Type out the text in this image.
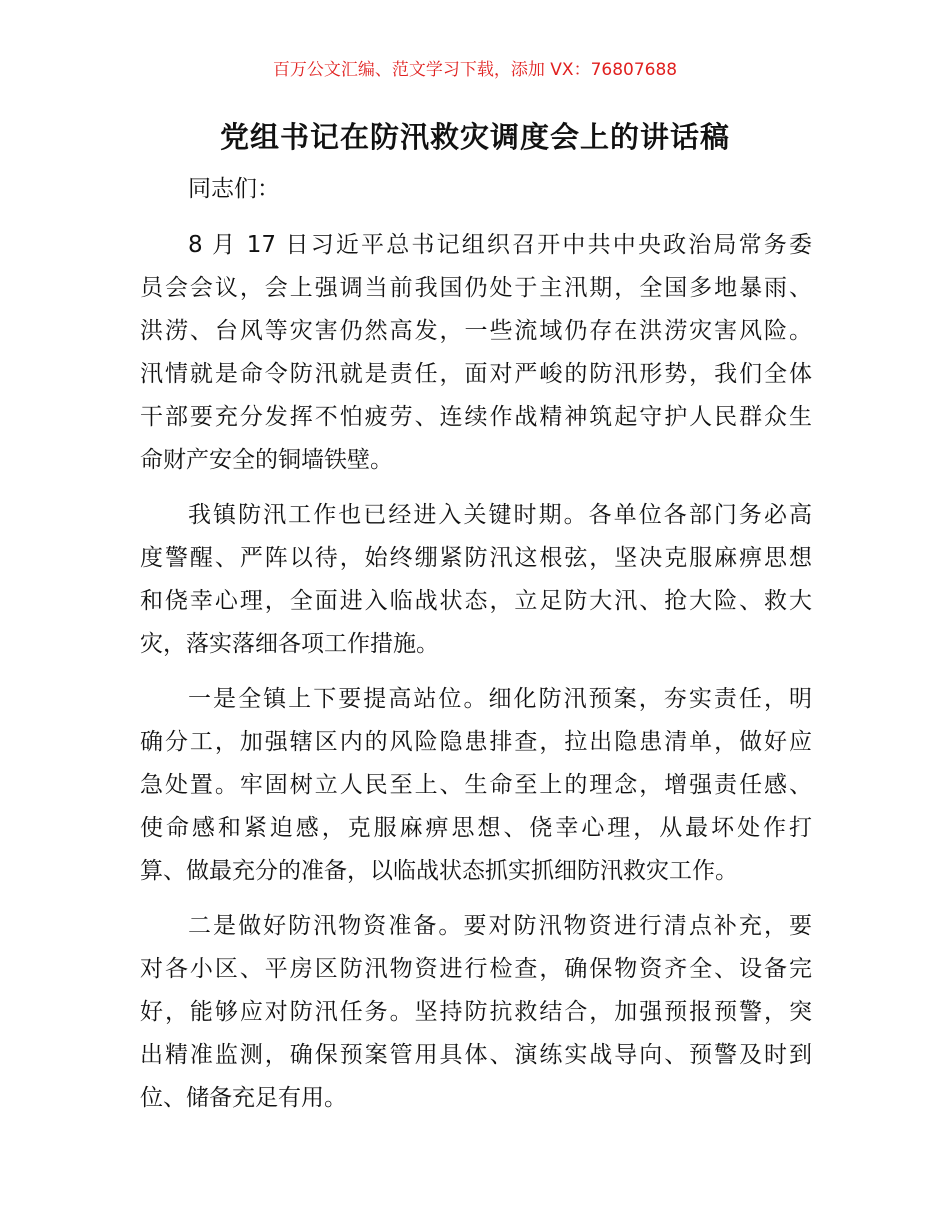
百万公文汇编、范文学习下载，添加 VX：76807688
党组书记在防汛救灾调度会上的讲话稿
同志们：
8 月 17 日习近平总书记组织召开中共中央政治局常务委
员会会议，会上强调当前我国仍处于主汛期，全国多地暴雨、
洪涝、台风等灾害仍然高发，一些流域仍存在洪涝灾害风险。
汛情就是命令防汛就是责任，面对严峻的防汛形势，我们全体
干部要充分发挥不怕疲劳、连续作战精神筑起守护人民群众生
命财产安全的铜墙铁壁。
我镇防汛工作也已经进入关键时期。各单位各部门务必高
度警醒、严阵以待，始终绷紧防汛这根弦，坚决克服麻痹思想
和侥幸心理，全面进入临战状态，立足防大汛、抢大险、救大
灾，落实落细各项工作措施。
一是全镇上下要提高站位。细化防汛预案，夯实责任，明
确分工，加强辖区内的风险隐患排查，拉出隐患清单，做好应
急处置。牢固树立人民至上、生命至上的理念，增强责任感、
使命感和紧迫感，克服麻痹思想、侥幸心理，从最坏处作打
算、做最充分的准备，以临战状态抓实抓细防汛救灾工作。
二是做好防汛物资准备。要对防汛物资进行清点补充，要
对各小区、平房区防汛物资进行检查，确保物资齐全、设备完
好，能够应对防汛任务。坚持防抗救结合，加强预报预警，突
出精准监测，确保预案管用具体、演练实战导向、预警及时到
位、储备充足有用。
